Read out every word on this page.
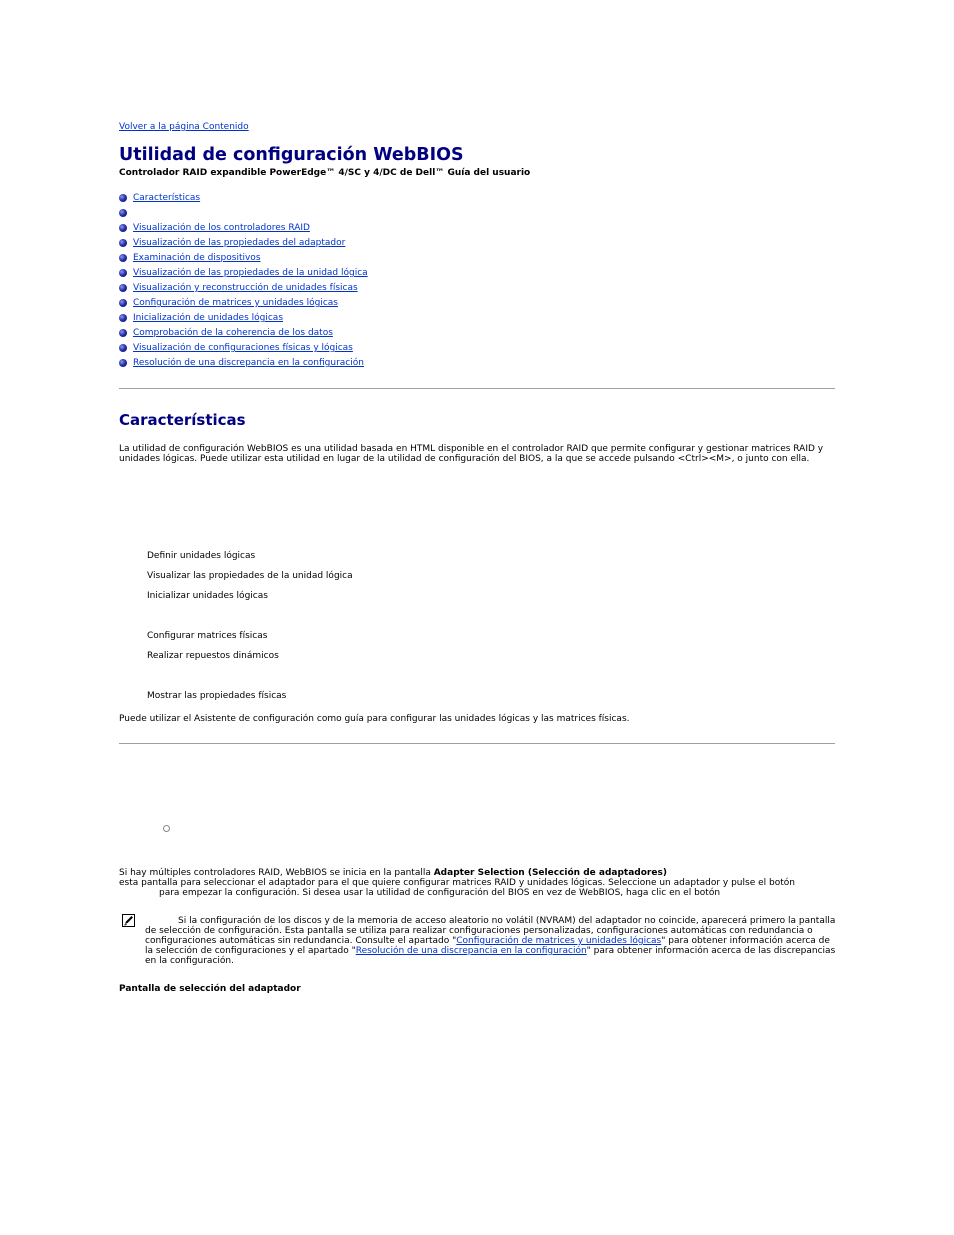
Volver a la página Contenido
Utilidad de configuración WebBIOS
Controlador RAID expandible PowerEdge™ 4/SC y 4/DC de Dell™ Guía del usuario
Características
Visualización de los controladores RAID
Visualización de las propiedades del adaptador
Examinación de dispositivos
Visualización de las propiedades de la unidad lógica
Visualización y reconstrucción de unidades físicas
Configuración de matrices y unidades lógicas
Inicialización de unidades lógicas
Comprobación de la coherencia de los datos
Visualización de configuraciones físicas y lógicas
Resolución de una discrepancia en la configuración
Características
La utilidad de configuración WebBIOS es una utilidad basada en HTML disponible en el controlador RAID que permite configurar y gestionar matrices RAID y
unidades lógicas. Puede utilizar esta utilidad en lugar de la utilidad de configuración del BIOS, a la que se accede pulsando <Ctrl><M>, o junto con ella.
Definir unidades lógicas
Visualizar las propiedades de la unidad lógica
Inicializar unidades lógicas
Configurar matrices físicas
Realizar repuestos dinámicos
Mostrar las propiedades físicas
Puede utilizar el Asistente de configuración como guía para configurar las unidades lógicas y las matrices físicas.
Si hay múltiples controladores RAID, WebBIOS se inicia en la pantalla Adapter Selection (Selección de adaptadores)
esta pantalla para seleccionar el adaptador para el que quiere configurar matrices RAID y unidades lógicas. Seleccione un adaptador y pulse el botón
para empezar la configuración. Si desea usar la utilidad de configuración del BIOS en vez de WebBIOS, haga clic en el botón
Si la configuración de los discos y de la memoria de acceso aleatorio no volátil (NVRAM) del adaptador no coincide, aparecerá primero la pantalla
de selección de configuración. Esta pantalla se utiliza para realizar configuraciones personalizadas, configuraciones automáticas con redundancia o
configuraciones automáticas sin redundancia. Consulte el apartado "Configuración de matrices y unidades lógicas" para obtener información acerca de
la selección de configuraciones y el apartado "Resolución de una discrepancia en la configuración" para obtener información acerca de las discrepancias
en la configuración.
Pantalla de selección del adaptador
